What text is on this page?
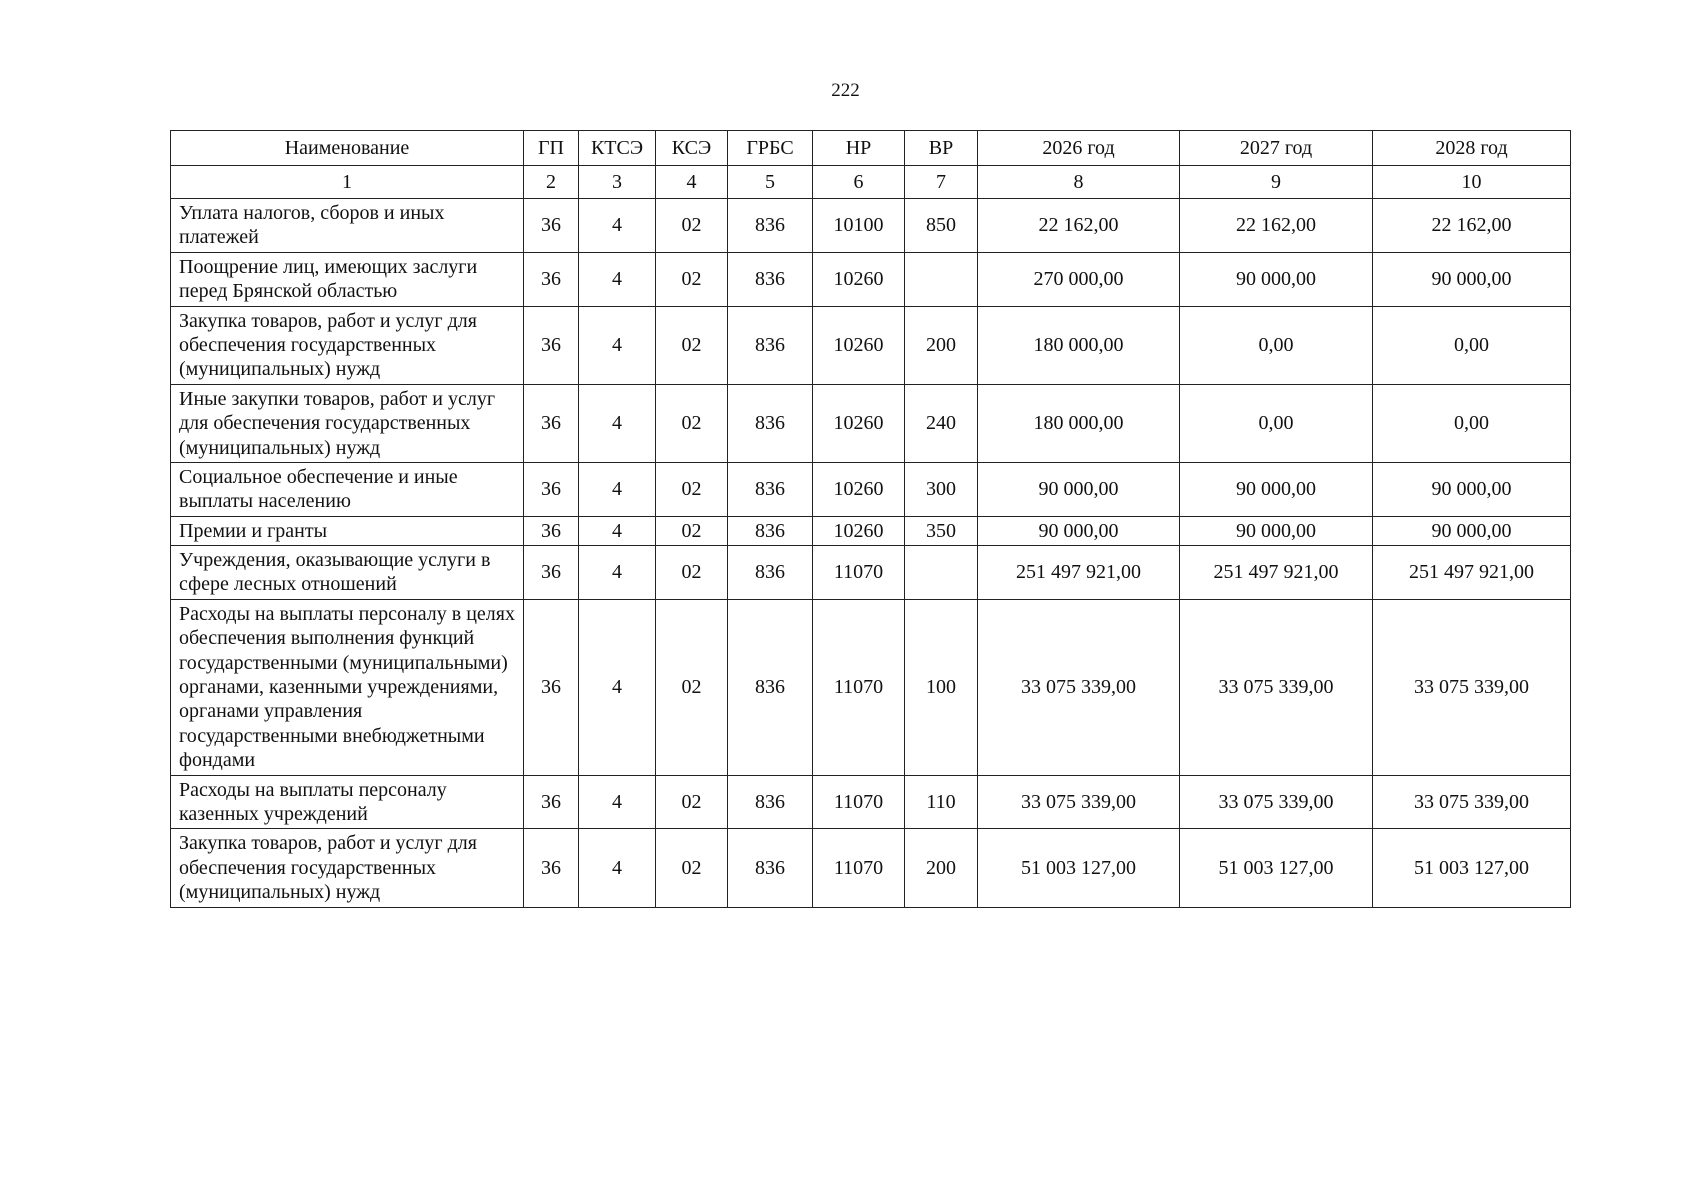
222
Наименование	ГП	КТСЭ	КСЭ	ГРБС	НР	ВР	2026 год	2027 год	2028 год
1	2	3	4	5	6	7	8	9	10
Уплата налогов, сборов и иных платежей	36	4	02	836	10100	850	22 162,00	22 162,00	22 162,00
Поощрение лиц, имеющих заслуги перед Брянской областью	36	4	02	836	10260		270 000,00	90 000,00	90 000,00
Закупка товаров, работ и услуг для обеспечения государственных (муниципальных) нужд	36	4	02	836	10260	200	180 000,00	0,00	0,00
Иные закупки товаров, работ и услуг для обеспечения государственных (муниципальных) нужд	36	4	02	836	10260	240	180 000,00	0,00	0,00
Социальное обеспечение и иные выплаты населению	36	4	02	836	10260	300	90 000,00	90 000,00	90 000,00
Премии и гранты	36	4	02	836	10260	350	90 000,00	90 000,00	90 000,00
Учреждения, оказывающие услуги в сфере лесных отношений	36	4	02	836	11070		251 497 921,00	251 497 921,00	251 497 921,00
Расходы на выплаты персоналу в целях обеспечения выполнения функций государственными (муниципальными) органами, казенными учреждениями, органами управления государственными внебюджетными фондами	36	4	02	836	11070	100	33 075 339,00	33 075 339,00	33 075 339,00
Расходы на выплаты персоналу казенных учреждений	36	4	02	836	11070	110	33 075 339,00	33 075 339,00	33 075 339,00
Закупка товаров, работ и услуг для обеспечения государственных (муниципальных) нужд	36	4	02	836	11070	200	51 003 127,00	51 003 127,00	51 003 127,00
